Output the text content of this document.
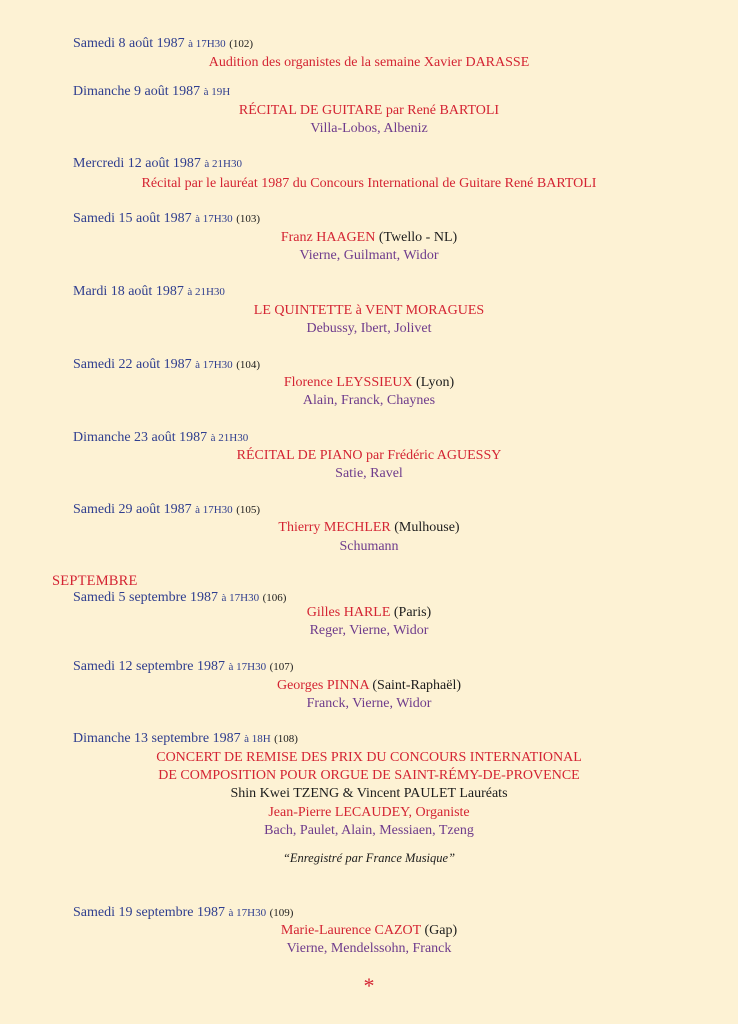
Samedi 8 août 1987 à 17H30 (102)
Audition des organistes de la semaine Xavier DARASSE
Dimanche 9 août 1987 à 19H
RÉCITAL DE GUITARE par René BARTOLI
Villa-Lobos, Albeniz
Mercredi 12 août 1987 à 21H30
Récital par le lauréat 1987 du Concours International de Guitare René BARTOLI
Samedi 15 août 1987 à 17H30 (103)
Franz HAAGEN (Twello - NL)
Vierne, Guilmant, Widor
Mardi 18 août 1987 à 21H30
LE QUINTETTE à VENT MORAGUES
Debussy, Ibert, Jolivet
Samedi 22 août 1987 à 17H30 (104)
Florence LEYSSIEUX (Lyon)
Alain, Franck, Chaynes
Dimanche 23 août 1987 à 21H30
RÉCITAL DE PIANO par Frédéric AGUESSY
Satie, Ravel
Samedi 29 août 1987 à 17H30 (105)
Thierry MECHLER (Mulhouse)
Schumann
SEPTEMBRE
Samedi 5 septembre 1987 à 17H30 (106)
Gilles HARLE (Paris)
Reger, Vierne, Widor
Samedi 12 septembre 1987 à 17H30 (107)
Georges PINNA (Saint-Raphaël)
Franck, Vierne, Widor
Dimanche 13 septembre 1987 à 18H (108)
CONCERT DE REMISE DES PRIX DU CONCOURS INTERNATIONAL
DE COMPOSITION POUR ORGUE DE SAINT-RÉMY-DE-PROVENCE
Shin Kwei TZENG & Vincent PAULET Lauréats
Jean-Pierre LECAUDEY, Organiste
Bach, Paulet, Alain, Messiaen, Tzeng
“Enregistré par France Musique”
Samedi 19 septembre 1987 à 17H30 (109)
Marie-Laurence CAZOT (Gap)
Vierne, Mendelssohn, Franck
*
